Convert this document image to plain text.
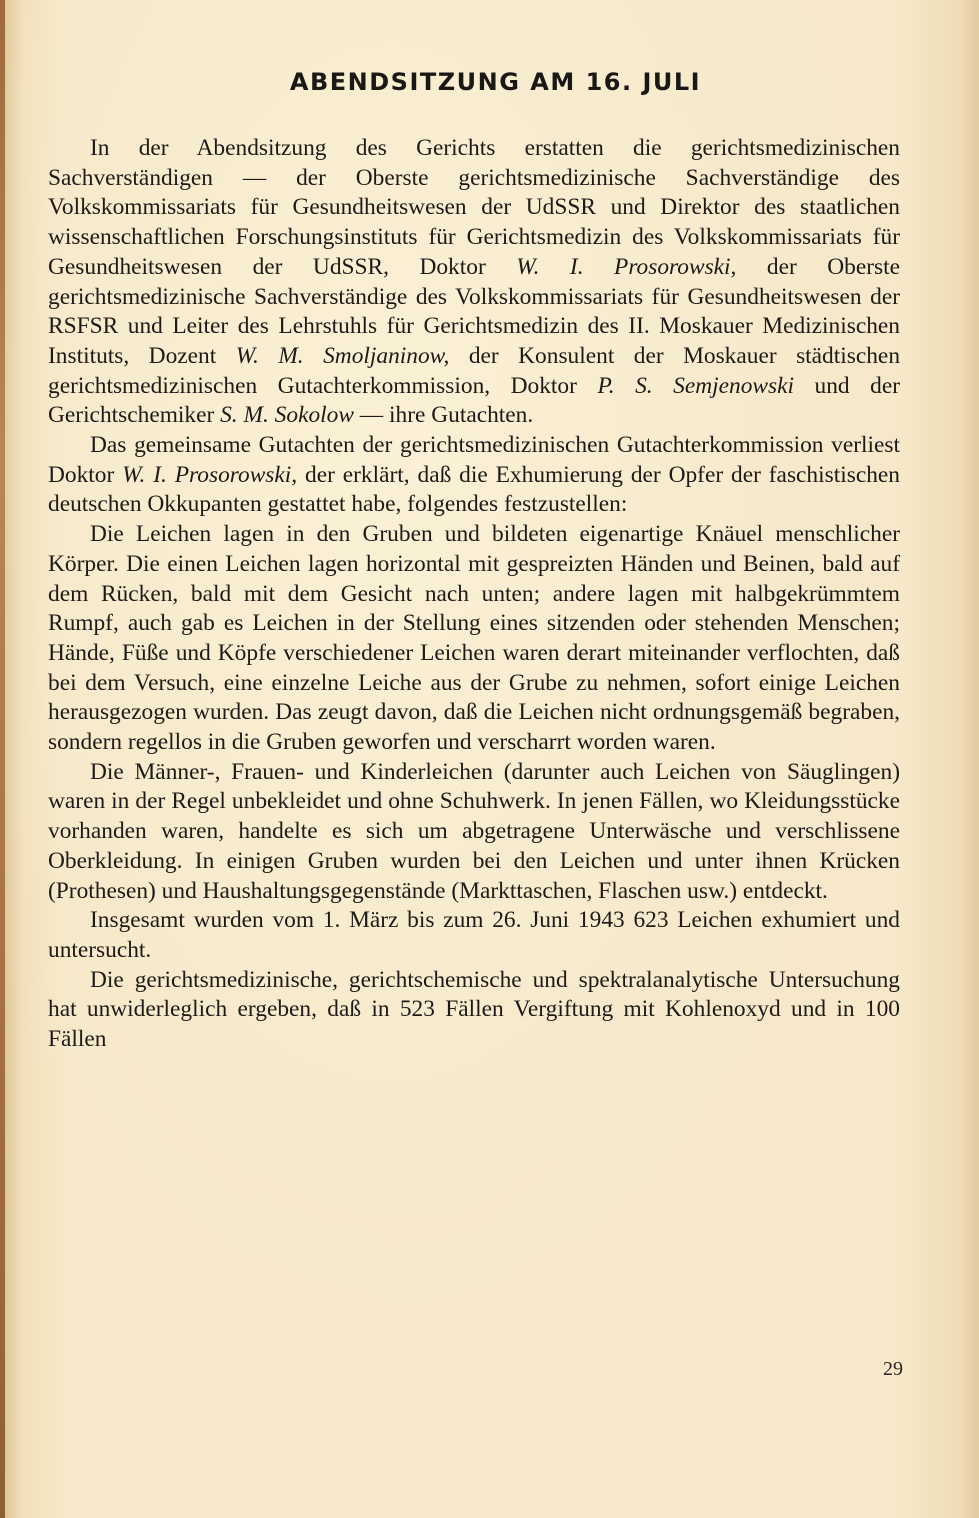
ABENDSITZUNG AM 16. JULI

In der Abendsitzung des Gerichts erstatten die gerichtsmedizinischen Sachverständigen — der Oberste gerichtsmedizinische Sachverständige des Volkskommissariats für Gesundheitswesen der UdSSR und Direktor des staatlichen wissenschaftlichen Forschungsinstituts für Gerichtsmedizin des Volkskommissariats für Gesundheitswesen der UdSSR, Doktor W. I. Prosorowski, der Oberste gerichtsmedizinische Sachverständige des Volkskommissariats für Gesundheitswesen der RSFSR und Leiter des Lehrstuhls für Gerichtsmedizin des II. Moskauer Medizinischen Instituts, Dozent W. M. Smoljaninow, der Konsulent der Moskauer städtischen gerichtsmedizinischen Gutachterkommission, Doktor P. S. Semjenowski und der Gerichtschemiker S. M. Sokolow — ihre Gutachten.

Das gemeinsame Gutachten der gerichtsmedizinischen Gutachterkommission verliest Doktor W. I. Prosorowski, der erklärt, daß die Exhumierung der Opfer der faschistischen deutschen Okkupanten gestattet habe, folgendes festzustellen:

Die Leichen lagen in den Gruben und bildeten eigenartige Knäuel menschlicher Körper. Die einen Leichen lagen horizontal mit gespreizten Händen und Beinen, bald auf dem Rücken, bald mit dem Gesicht nach unten; andere lagen mit halbgekrümmtem Rumpf, auch gab es Leichen in der Stellung eines sitzenden oder stehenden Menschen; Hände, Füße und Köpfe verschiedener Leichen waren derart miteinander verflochten, daß bei dem Versuch, eine einzelne Leiche aus der Grube zu nehmen, sofort einige Leichen herausgezogen wurden. Das zeugt davon, daß die Leichen nicht ordnungsgemäß begraben, sondern regellos in die Gruben geworfen und verscharrt worden waren.

Die Männer-, Frauen- und Kinderleichen (darunter auch Leichen von Säuglingen) waren in der Regel unbekleidet und ohne Schuhwerk. In jenen Fällen, wo Kleidungsstücke vorhanden waren, handelte es sich um abgetragene Unterwäsche und verschlissene Oberkleidung. In einigen Gruben wurden bei den Leichen und unter ihnen Krücken (Prothesen) und Haushaltungsgegenstände (Markttaschen, Flaschen usw.) entdeckt.

Insgesamt wurden vom 1. März bis zum 26. Juni 1943 623 Leichen exhumiert und untersucht.

Die gerichtsmedizinische, gerichtschemische und spektralanalytische Untersuchung hat unwiderleglich ergeben, daß in 523 Fällen Vergiftung mit Kohlenoxyd und in 100 Fällen

29
